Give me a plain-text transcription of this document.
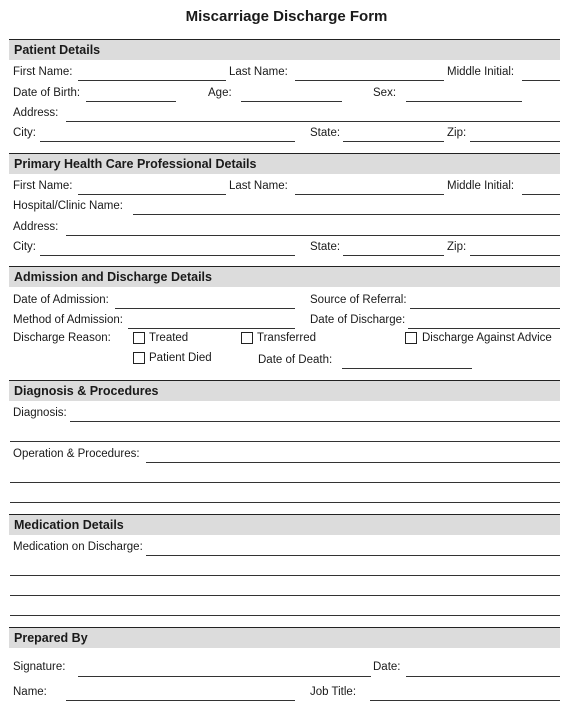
Miscarriage Discharge Form
Patient Details
First Name:	Last Name:	Middle Initial:
Date of Birth:	Age:	Sex:
Address:
City:	State:	Zip:
Primary Health Care Professional Details
First Name:	Last Name:	Middle Initial:
Hospital/Clinic Name:
Address:
City:	State:	Zip:
Admission and Discharge Details
Date of Admission:	Source of Referral:
Method of Admission:	Date of Discharge:
Discharge Reason:	Treated	Transferred	Discharge Against Advice
Patient Died	Date of Death:
Diagnosis & Procedures
Diagnosis:
Operation & Procedures:
Medication Details
Medication on Discharge:
Prepared By
Signature:	Date:
Name:	Job Title:
